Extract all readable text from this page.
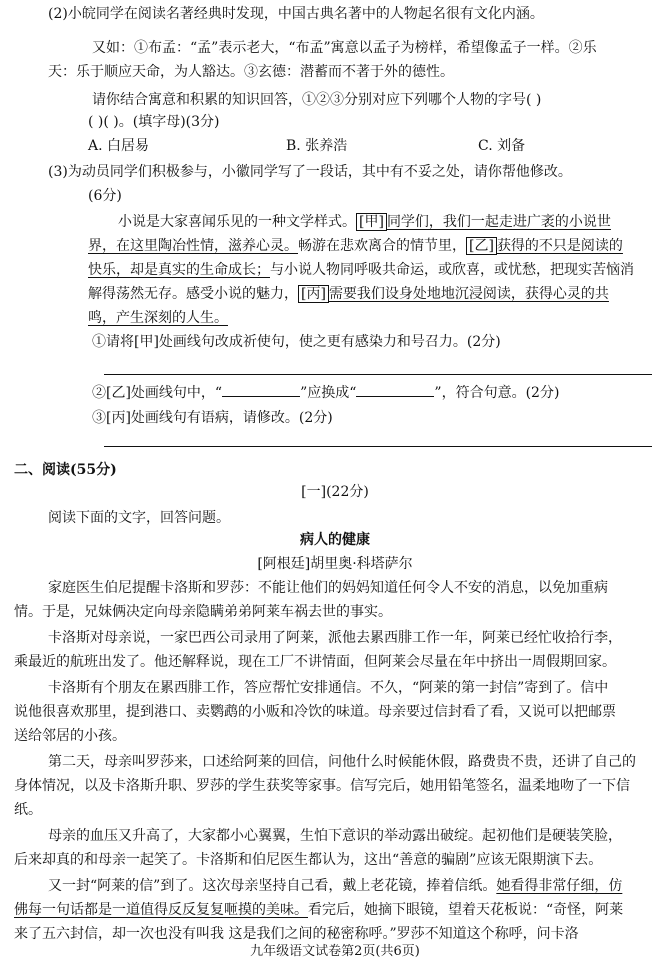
(2)小皖同学在阅读名著经典时发现，中国古典名著中的人物起名很有文化内涵。
又如：①布孟：“孟”表示老大，“布孟”寓意以孟子为榜样，希望像孟子一样。②乐
天：乐于顺应天命，为人豁达。③玄德：潜蓄而不著于外的德性。
请你结合寓意和积累的知识回答，①②③分别对应下列哪个人物的字号( )
( )( )。(填字母)(3分)
A. 白居易	B. 张养浩	C. 刘备
(3)为动员同学们积极参与，小徽同学写了一段话，其中有不妥之处，请你帮他修改。
(6分)
小说是大家喜闻乐见的一种文学样式。 [甲] 同学们，我们一起走进广袤的小说世
界，在这里陶冶性情，滋养心灵。畅游在悲欢离合的情节里， [乙] 获得的不只是阅读的
快乐，却是真实的生命成长；与小说人物同呼吸共命运，或欣喜，或忧愁，把现实苦恼消
解得荡然无存。感受小说的魅力， [丙] 需要我们设身处地地沉浸阅读，获得心灵的共
鸣，产生深刻的人生。
①请将[甲]处画线句改成祈使句，使之更有感染力和号召力。(2分)
②[乙]处画线句中，“	”应换成“	”，符合句意。(2分)
③[丙]处画线句有语病，请修改。(2分)
二、阅读(55分)
[一](22分)
阅读下面的文字，回答问题。
病人的健康
[阿根廷]胡里奥·科塔萨尔
家庭医生伯尼提醒卡洛斯和罗莎：不能让他们的妈妈知道任何令人不安的消息，以免加重病
情。于是，兄妹俩决定向母亲隐瞒弟弟阿莱车祸去世的事实。
卡洛斯对母亲说，一家巴西公司录用了阿莱，派他去累西腓工作一年，阿莱已经忙收拾行李，
乘最近的航班出发了。他还解释说，现在工厂不讲情面，但阿莱会尽量在年中挤出一周假期回家。
卡洛斯有个朋友在累西腓工作，答应帮忙安排通信。不久，“阿莱的第一封信”寄到了。信中
说他很喜欢那里，提到港口、卖鹦鹉的小贩和冷饮的味道。母亲要过信封看了看，又说可以把邮票
送给邻居的小孩。
第二天，母亲叫罗莎来，口述给阿莱的回信，问他什么时候能休假，路费贵不贵，还讲了自己的
身体情况，以及卡洛斯升职、罗莎的学生获奖等家事。信写完后，她用铅笔签名，温柔地吻了一下信
纸。
母亲的血压又升高了，大家都小心翼翼，生怕下意识的举动露出破绽。起初他们是硬装笑脸，
后来却真的和母亲一起笑了。卡洛斯和伯尼医生都认为，这出“善意的骗剧”应该无限期演下去。
又一封“阿莱的信”到了。这次母亲坚持自己看，戴上老花镜，捧着信纸。她看得非常仔细，仿
佛每一句话都是一道值得反反复复咂摸的美味。看完后，她摘下眼镜，望着天花板说：“奇怪，阿莱
来了五六封信，却一次也没有叫我 这是我们之间的秘密称呼。”罗莎不知道这个称呼，问卡洛
九年级语文试卷第2页(共6页)
